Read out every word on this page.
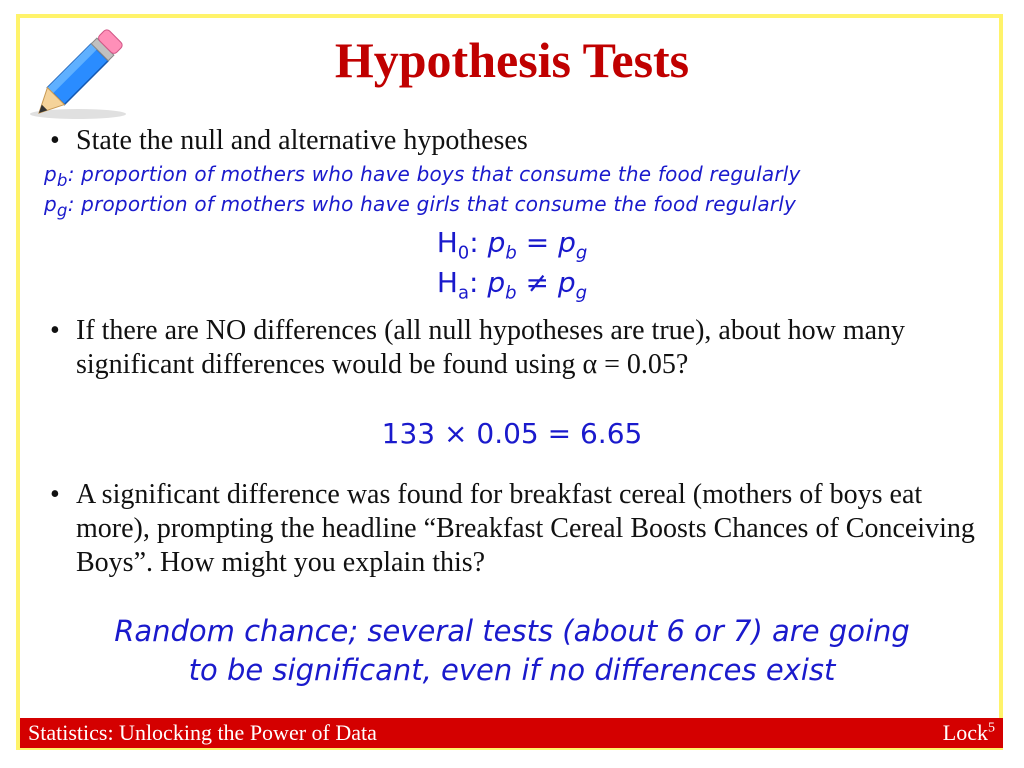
Hypothesis Tests
• State the null and alternative hypotheses
$p_b$: proportion of mothers who have boys that consume the food regularly
$p_g$: proportion of mothers who have girls that consume the food regularly
$H_0$: $p_b = p_g$
$H_a$: $p_b \ne p_g$
• If there are NO differences (all null hypotheses are true), about how many significant differences would be found using α = 0.05?
133 × 0.05 = 6.65
• A significant difference was found for breakfast cereal (mothers of boys eat more), prompting the headline “Breakfast Cereal Boosts Chances of Conceiving Boys”. How might you explain this?
Random chance; several tests (about 6 or 7) are going
to be significant, even if no differences exist
Statistics: Unlocking the Power of Data	Lock$^5$
